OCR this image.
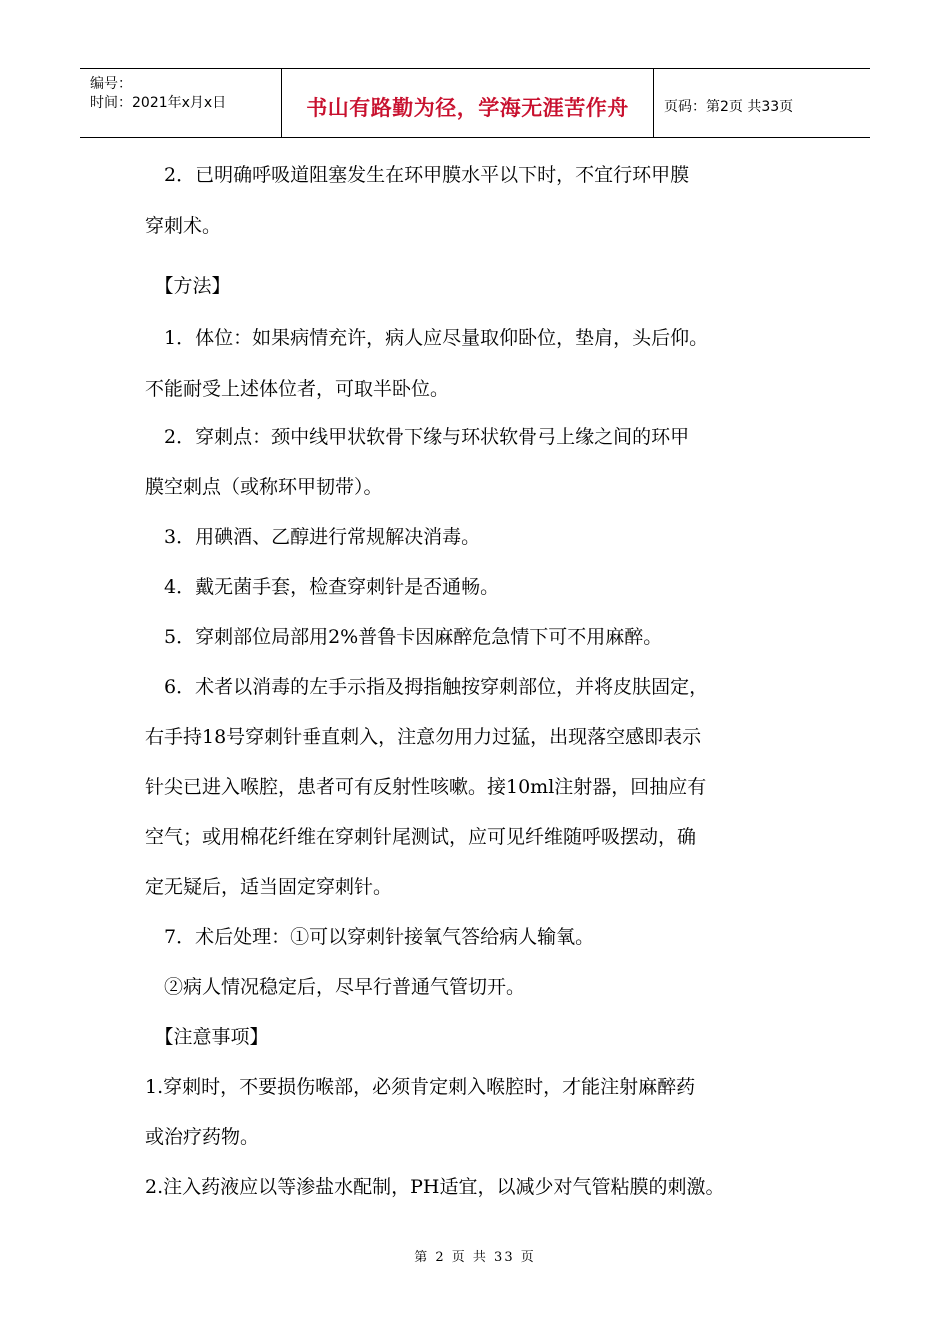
编号：
时间：2021年x月x日	书山有路勤为径，学海无涯苦作舟	页码：第2页 共33页
　2．已明确呼吸道阻塞发生在环甲膜水平以下时，不宜行环甲膜
穿刺术。
　【方法】
　1．体位：如果病情充许，病人应尽量取仰卧位，垫肩，头后仰。
不能耐受上述体位者，可取半卧位。
　2．穿刺点：颈中线甲状软骨下缘与环状软骨弓上缘之间的环甲
膜空刺点（或称环甲韧带）。
　3．用碘酒、乙醇进行常规解决消毒。
　4．戴无菌手套，检查穿刺针是否通畅。
　5．穿刺部位局部用2%普鲁卡因麻醉危急情下可不用麻醉。
　6．术者以消毒的左手示指及拇指触按穿刺部位，并将皮肤固定，
右手持18号穿刺针垂直刺入，注意勿用力过猛，出现落空感即表示
针尖已进入喉腔，患者可有反射性咳嗽。接10ml注射器，回抽应有
空气；或用棉花纤维在穿刺针尾测试，应可见纤维随呼吸摆动，确
定无疑后，适当固定穿刺针。
　7．术后处理：①可以穿刺针接氧气答给病人输氧。
　②病人情况稳定后，尽早行普通气管切开。
　【注意事项】
1.穿刺时，不要损伤喉部，必须肯定刺入喉腔时，才能注射麻醉药
或治疗药物。
2.注入药液应以等渗盐水配制，PH适宜，以减少对气管粘膜的刺激。
第 2 页 共 33 页
